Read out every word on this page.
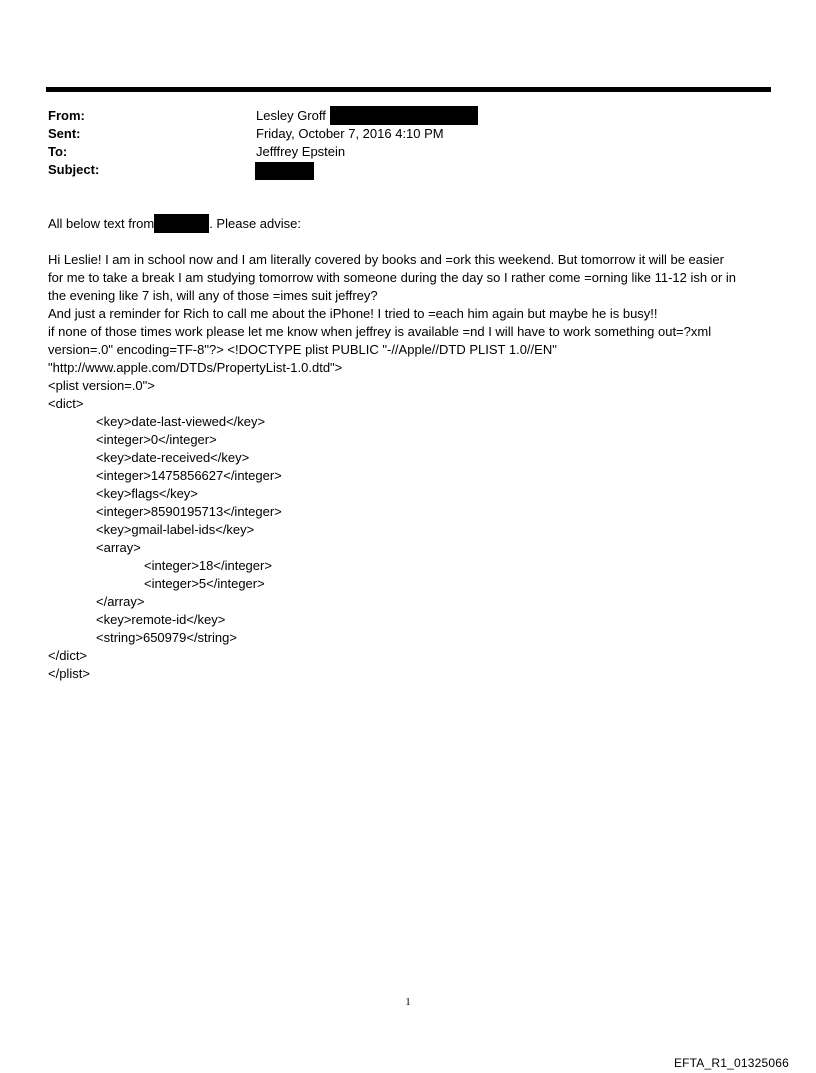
From:	Lesley Groff
Sent:	Friday, October 7, 2016 4:10 PM
To:	Jefffrey Epstein
Subject:
All below text from	. Please advise:
Hi Leslie! I am in school now and I am literally covered by books and =ork this weekend. But tomorrow it will be easier
for me to take a break I am studying tomorrow with someone during the day so I rather come =orning like 11-12 ish or in
the evening like 7 ish, will any of those =imes suit jeffrey?
And just a reminder for Rich to call me about the iPhone! I tried to =each him again but maybe he is busy!!
if none of those times work please let me know when jeffrey is available =nd I will have to work something out=?xml
version=.0" encoding=TF-8"?> <!DOCTYPE plist PUBLIC "-//Apple//DTD PLIST 1.0//EN"
"http://www.apple.com/DTDs/PropertyList-1.0.dtd">
<plist version=.0">
<dict>
<key>date-last-viewed</key>
<integer>0</integer>
<key>date-received</key>
<integer>1475856627</integer>
<key>flags</key>
<integer>8590195713</integer>
<key>gmail-label-ids</key>
<array>
<integer>18</integer>
<integer>5</integer>
</array>
<key>remote-id</key>
<string>650979</string>
</dict>
</plist>
1
EFTA_R1_01325066
